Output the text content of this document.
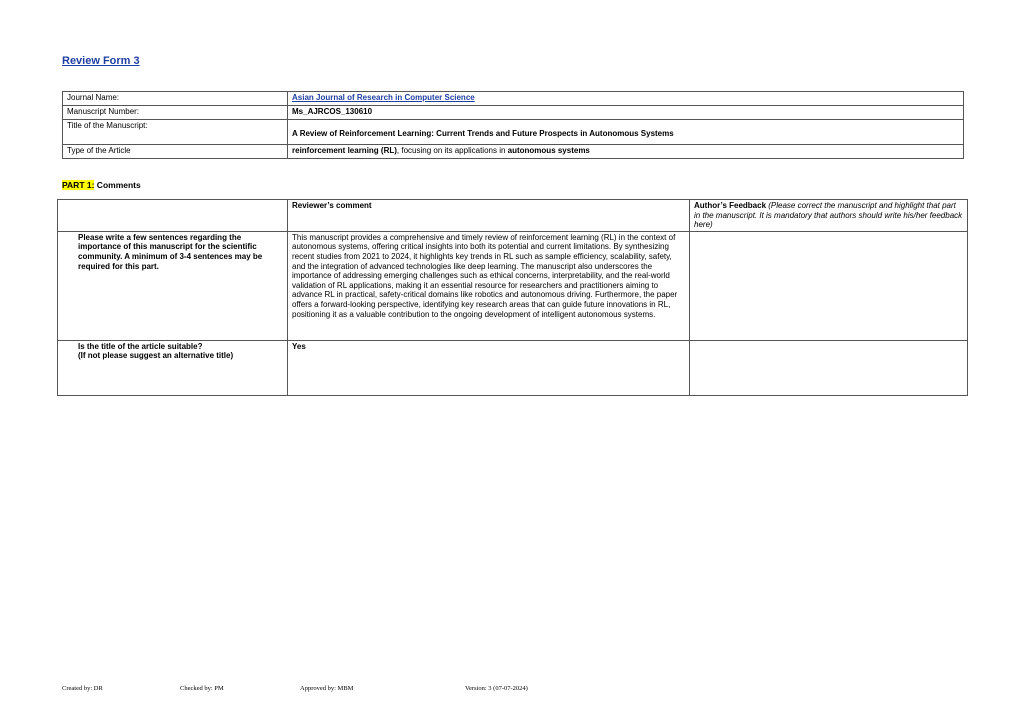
Review Form 3
Journal Name:	Asian Journal of Research in Computer Science
Manuscript Number:	Ms_AJRCOS_130610
Title of the Manuscript:	A Review of Reinforcement Learning: Current Trends and Future Prospects in Autonomous Systems
Type of the Article	reinforcement learning (RL), focusing on its applications in autonomous systems
PART 1: Comments
	Reviewer’s comment	Author’s Feedback (Please correct the manuscript and highlight that part in the manuscript. It is mandatory that authors should write his/her feedback here)
Please write a few sentences regarding the importance of this manuscript for the scientific community. A minimum of 3-4 sentences may be required for this part.	This manuscript provides a comprehensive and timely review of reinforcement learning (RL) in the context of autonomous systems, offering critical insights into both its potential and current limitations. By synthesizing recent studies from 2021 to 2024, it highlights key trends in RL such as sample efficiency, scalability, safety, and the integration of advanced technologies like deep learning. The manuscript also underscores the importance of addressing emerging challenges such as ethical concerns, interpretability, and the real-world validation of RL applications, making it an essential resource for researchers and practitioners aiming to advance RL in practical, safety-critical domains like robotics and autonomous driving. Furthermore, the paper offers a forward-looking perspective, identifying key research areas that can guide future innovations in RL, positioning it as a valuable contribution to the ongoing development of intelligent autonomous systems.	

Is the title of the article suitable?
(If not please suggest an alternative title)	Yes	
Created by: DR	Checked by: PM	Approved by: MBM	Version: 3 (07-07-2024)
